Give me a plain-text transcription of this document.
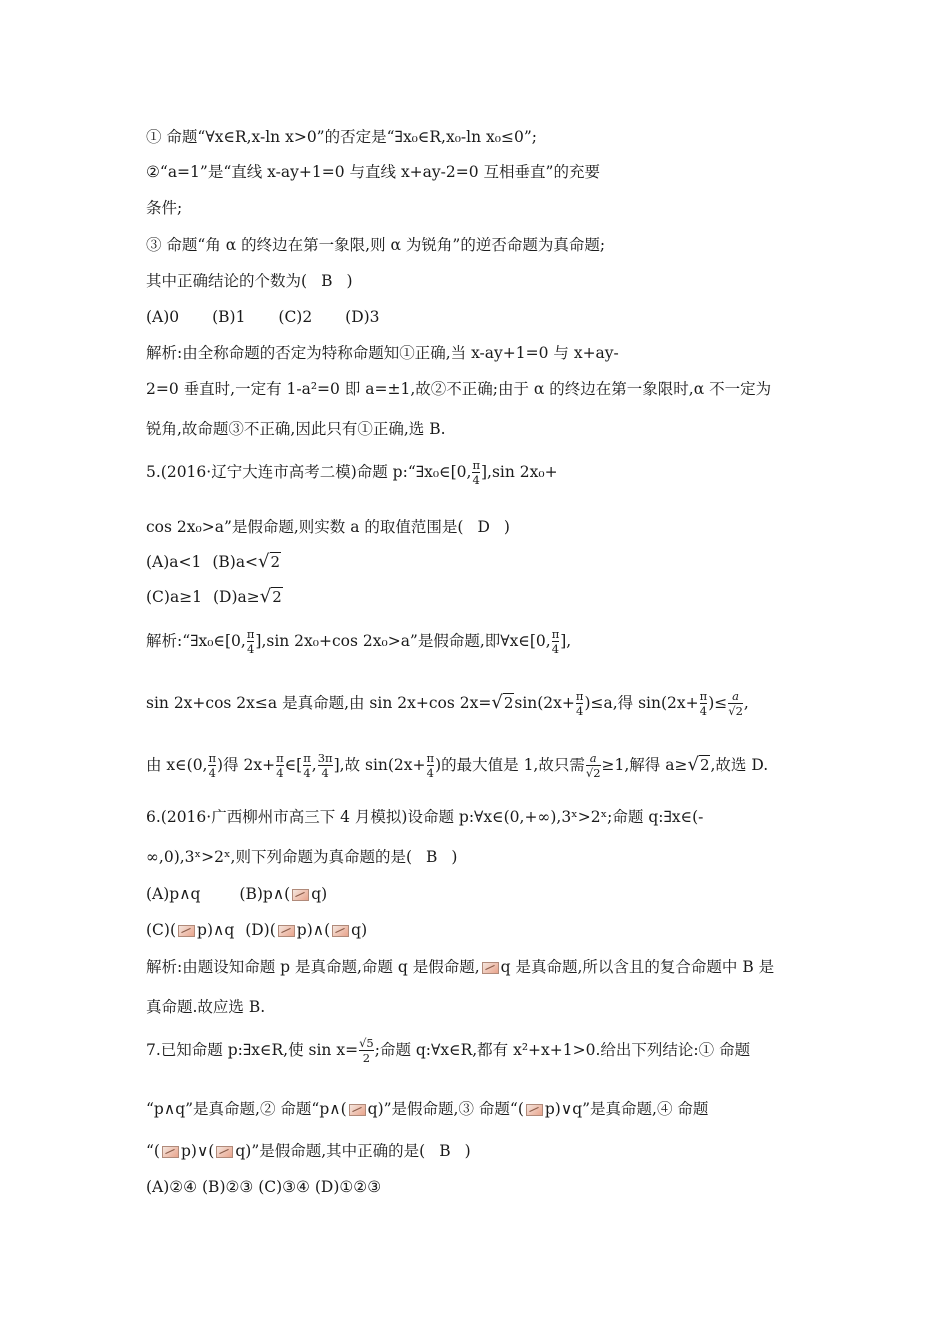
① 命题“∀x∈R,x-ln x>0”的否定是“∃x₀∈R,x₀-ln x₀≤0”;
②“a=1”是“直线 x-ay+1=0 与直线 x+ay-2=0 互相垂直”的充要
条件;
③ 命题“角 α 的终边在第一象限,则 α 为锐角”的逆否命题为真命题;
其中正确结论的个数为( B )
(A)0 (B)1 (C)2 (D)3
解析:由全称命题的否定为特称命题知①正确,当 x-ay+1=0 与 x+ay-
2=0 垂直时,一定有 1-a²=0 即 a=±1,故②不正确;由于 α 的终边在第一象限时,α 不一定为
锐角,故命题③不正确,因此只有①正确,选 B.
5.(2016·辽宁大连市高考二模)命题 p:“∃x₀∈[0, $\frac{\pi}{4} ],\sin$ 2x₀+
cos 2x₀>a”是假命题,则实数 a 的取值范围是( D )
(A)a<1 (B)a<√2
(C)a≥1 (D)a≥√2
解析:“∃x₀∈[0, $\frac{\pi}{4} ],\sin$ 2x₀+cos 2x₀>a”是假命题,即∀x∈[0, $\frac{\pi}{4}$ ],
sin 2x+cos 2x≤a 是真命题,由 sin 2x+cos $2x=√2\sin(2x+ \frac{\pi}{4} )\le a$,得 $\sin(2x+ \frac{\pi}{4}$ )≤ $\frac{a}{√2}$ ,
由 x∈(0, $\frac{\pi}{4}$ )得 $2x+ \frac{\pi}{4}$ ∈[ $\frac{\pi}{4}$ , $\frac{3\pi}{4}$ ],故 $\sin(2x+ \frac{\pi}{4}$ )的最大值是 1,故只需 $\frac{a}{√2} \ge 1$,解得 a≥√2,故选 D.
6.(2016·广西柳州市高三下 4 月模拟)设命题 p:∀x∈(0,+∞),3ˣ>2ˣ;命题 q:∃x∈(-
∞,0),3ˣ>2ˣ,则下列命题为真命题的是( B )
(A)p∧q	(B)p∧( q)
(C)( p)∧q (D)( p)∧( q)
解析:由题设知命题 p 是真命题,命题 q 是假命题, q 是真命题,所以含且的复合命题中 B 是
真命题.故应选 B.
7.已知命题 p:∃x∈R,使 $\sin x= \frac{√5}{2}$ ;命题 q:∀x∈R,都有 x²+x+1>0.给出下列结论:① 命题
“p∧q”是真命题,② 命题“p∧( q)”是假命题,③ 命题“( p)∨q”是真命题,④ 命题
“( p)∨( q)”是假命题,其中正确的是( B )
(A)②④ (B)②③ (C)③④ (D)①②③
